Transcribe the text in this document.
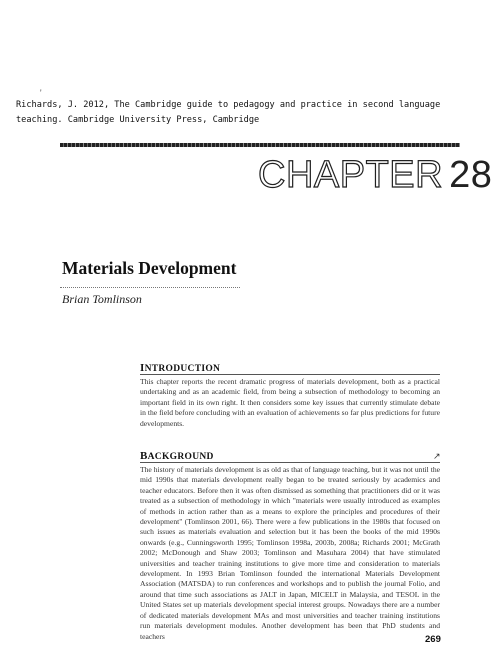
'
Richards, J. 2012, The Cambridge guide to pedagogy and practice in second language
teaching. Cambridge University Press, Cambridge
CHAPTER 28
Materials Development
Brian Tomlinson
INTRODUCTION
This chapter reports the recent dramatic progress of materials development, both as a practical undertaking and as an academic field, from being a subsection of methodology to becoming an important field in its own right. It then considers some key issues that currently stimulate debate in the field before concluding with an evaluation of achievements so far plus predictions for future developments.
BACKGROUND	↗
The history of materials development is as old as that of language teaching, but it was not until the mid 1990s that materials development really began to be treated seriously by academics and teacher educators. Before then it was often dismissed as something that practitioners did or it was treated as a subsection of methodology in which "materials were usually introduced as examples of methods in action rather than as a means to explore the principles and procedures of their development" (Tomlinson 2001, 66). There were a few publications in the 1980s that focused on such issues as materials evaluation and selection but it has been the books of the mid 1990s onwards (e.g., Cunningsworth 1995; Tomlinson 1998a, 2003b, 2008a; Richards 2001; McGrath 2002; McDonough and Shaw 2003; Tomlinson and Masuhara 2004) that have stimulated universities and teacher training institutions to give more time and consideration to materials development. In 1993 Brian Tomlinson founded the international Materials Development Association (MATSDA) to run conferences and workshops and to publish the journal Folio, and around that time such associations as JALT in Japan, MICELT in Malaysia, and TESOL in the United States set up materials development special interest groups. Nowadays there are a number of dedicated materials development MAs and most universities and teacher training institutions run materials development modules. Another development has been that PhD students and teachers	269
